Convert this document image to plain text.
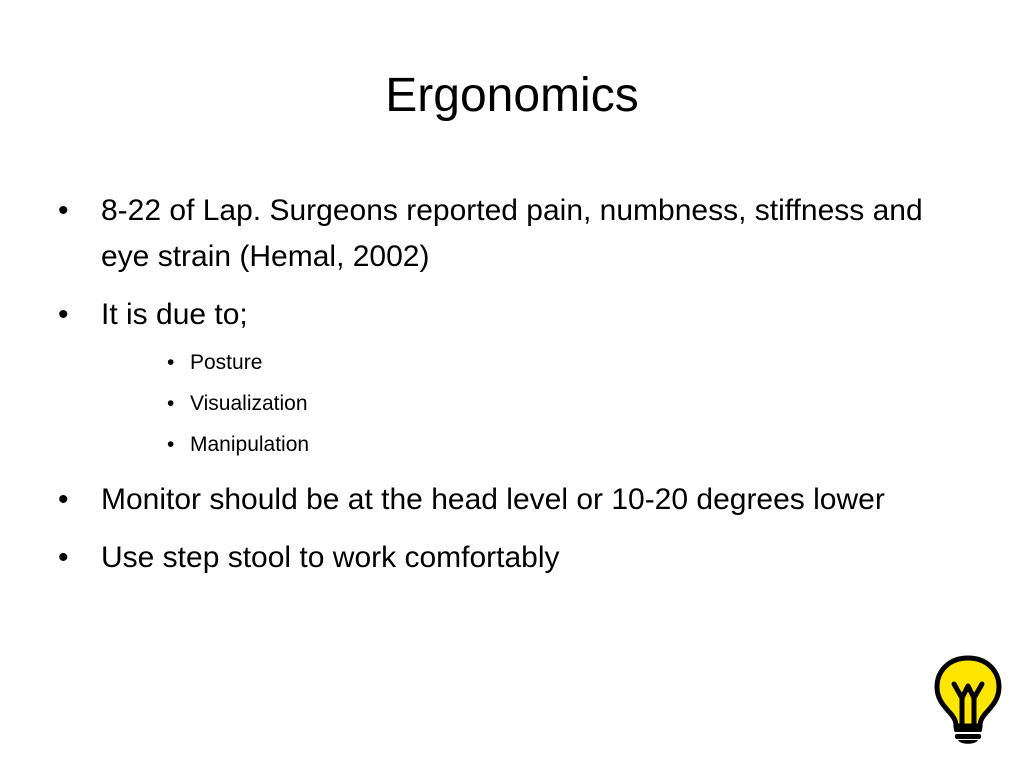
Ergonomics
•	8-22 of Lap. Surgeons reported pain, numbness, stiffness and eye strain (Hemal, 2002)
•	It is due to;
• Posture
• Visualization
• Manipulation
•	Monitor should be at the head level or 10-20 degrees lower
•	Use step stool to work comfortably
